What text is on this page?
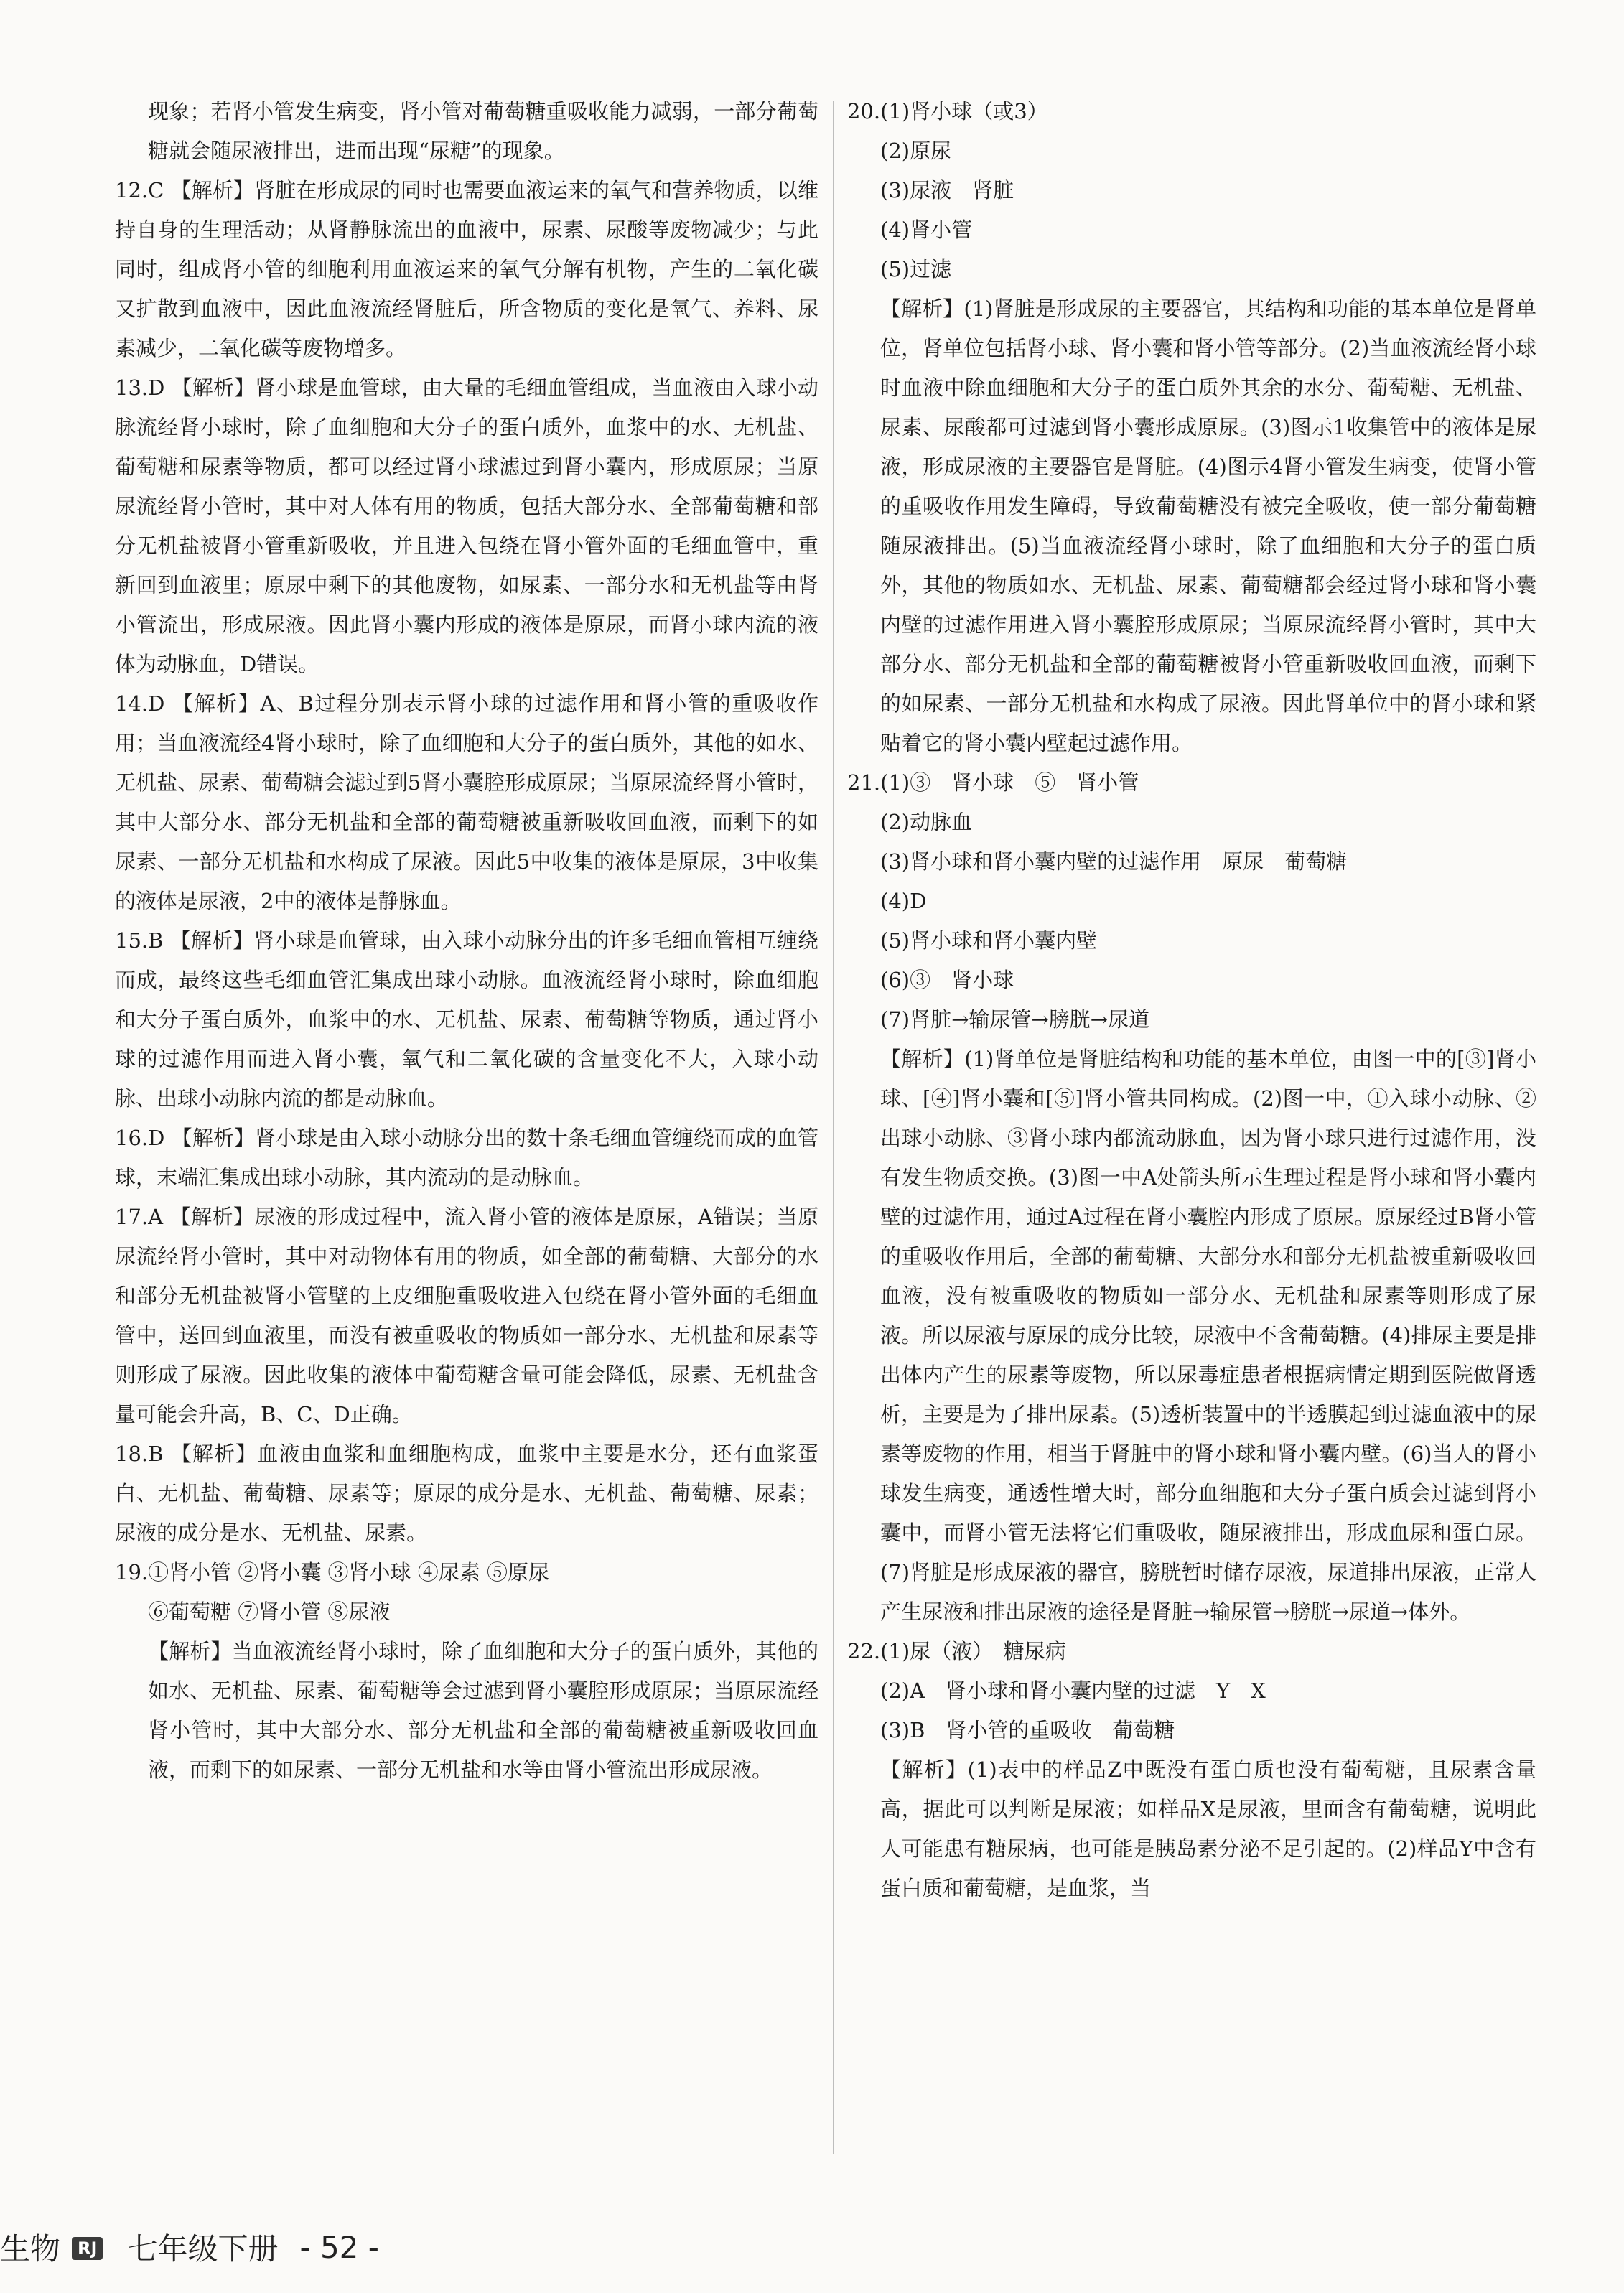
现象；若肾小管发生病变，肾小管对葡萄糖重吸收能力减弱，一部分葡萄糖就会随尿液排出，进而出现“尿糖”的现象。

12.C 【解析】肾脏在形成尿的同时也需要血液运来的氧气和营养物质，以维持自身的生理活动；从肾静脉流出的血液中，尿素、尿酸等废物减少；与此同时，组成肾小管的细胞利用血液运来的氧气分解有机物，产生的二氧化碳又扩散到血液中，因此血液流经肾脏后，所含物质的变化是氧气、养料、尿素减少，二氧化碳等废物增多。

13.D 【解析】肾小球是血管球，由大量的毛细血管组成，当血液由入球小动脉流经肾小球时，除了血细胞和大分子的蛋白质外，血浆中的水、无机盐、葡萄糖和尿素等物质，都可以经过肾小球滤过到肾小囊内，形成原尿；当原尿流经肾小管时，其中对人体有用的物质，包括大部分水、全部葡萄糖和部分无机盐被肾小管重新吸收，并且进入包绕在肾小管外面的毛细血管中，重新回到血液里；原尿中剩下的其他废物，如尿素、一部分水和无机盐等由肾小管流出，形成尿液。因此肾小囊内形成的液体是原尿，而肾小球内流的液体为动脉血，D错误。

14.D 【解析】A、B过程分别表示肾小球的过滤作用和肾小管的重吸收作用；当血液流经4肾小球时，除了血细胞和大分子的蛋白质外，其他的如水、无机盐、尿素、葡萄糖会滤过到5肾小囊腔形成原尿；当原尿流经肾小管时，其中大部分水、部分无机盐和全部的葡萄糖被重新吸收回血液，而剩下的如尿素、一部分无机盐和水构成了尿液。因此5中收集的液体是原尿，3中收集的液体是尿液，2中的液体是静脉血。

15.B 【解析】肾小球是血管球，由入球小动脉分出的许多毛细血管相互缠绕而成，最终这些毛细血管汇集成出球小动脉。血液流经肾小球时，除血细胞和大分子蛋白质外，血浆中的水、无机盐、尿素、葡萄糖等物质，通过肾小球的过滤作用而进入肾小囊，氧气和二氧化碳的含量变化不大，入球小动脉、出球小动脉内流的都是动脉血。

16.D 【解析】肾小球是由入球小动脉分出的数十条毛细血管缠绕而成的血管球，末端汇集成出球小动脉，其内流动的是动脉血。

17.A 【解析】尿液的形成过程中，流入肾小管的液体是原尿，A错误；当原尿流经肾小管时，其中对动物体有用的物质，如全部的葡萄糖、大部分的水和部分无机盐被肾小管壁的上皮细胞重吸收进入包绕在肾小管外面的毛细血管中，送回到血液里，而没有被重吸收的物质如一部分水、无机盐和尿素等则形成了尿液。因此收集的液体中葡萄糖含量可能会降低，尿素、无机盐含量可能会升高，B、C、D正确。

18.B 【解析】血液由血浆和血细胞构成，血浆中主要是水分，还有血浆蛋白、无机盐、葡萄糖、尿素等；原尿的成分是水、无机盐、葡萄糖、尿素；尿液的成分是水、无机盐、尿素。

19.①肾小管 ②肾小囊 ③肾小球 ④尿素 ⑤原尿

⑥葡萄糖 ⑦肾小管 ⑧尿液

【解析】当血液流经肾小球时，除了血细胞和大分子的蛋白质外，其他的如水、无机盐、尿素、葡萄糖等会过滤到肾小囊腔形成原尿；当原尿流经肾小管时，其中大部分水、部分无机盐和全部的葡萄糖被重新吸收回血液，而剩下的如尿素、一部分无机盐和水等由肾小管流出形成尿液。

20.(1)肾小球（或3）

(2)原尿

(3)尿液　肾脏

(4)肾小管

(5)过滤

【解析】(1)肾脏是形成尿的主要器官，其结构和功能的基本单位是肾单位，肾单位包括肾小球、肾小囊和肾小管等部分。(2)当血液流经肾小球时血液中除血细胞和大分子的蛋白质外其余的水分、葡萄糖、无机盐、尿素、尿酸都可过滤到肾小囊形成原尿。(3)图示1收集管中的液体是尿液，形成尿液的主要器官是肾脏。(4)图示4肾小管发生病变，使肾小管的重吸收作用发生障碍，导致葡萄糖没有被完全吸收，使一部分葡萄糖随尿液排出。(5)当血液流经肾小球时，除了血细胞和大分子的蛋白质外，其他的物质如水、无机盐、尿素、葡萄糖都会经过肾小球和肾小囊内壁的过滤作用进入肾小囊腔形成原尿；当原尿流经肾小管时，其中大部分水、部分无机盐和全部的葡萄糖被肾小管重新吸收回血液，而剩下的如尿素、一部分无机盐和水构成了尿液。因此肾单位中的肾小球和紧贴着它的肾小囊内壁起过滤作用。

21.(1)③　肾小球　⑤　肾小管

(2)动脉血

(3)肾小球和肾小囊内壁的过滤作用　原尿　葡萄糖

(4)D

(5)肾小球和肾小囊内壁

(6)③　肾小球

(7)肾脏→输尿管→膀胱→尿道

【解析】(1)肾单位是肾脏结构和功能的基本单位，由图一中的[③]肾小球、[④]肾小囊和[⑤]肾小管共同构成。(2)图一中，①入球小动脉、②出球小动脉、③肾小球内都流动脉血，因为肾小球只进行过滤作用，没有发生物质交换。(3)图一中A处箭头所示生理过程是肾小球和肾小囊内壁的过滤作用，通过A过程在肾小囊腔内形成了原尿。原尿经过B肾小管的重吸收作用后，全部的葡萄糖、大部分水和部分无机盐被重新吸收回血液，没有被重吸收的物质如一部分水、无机盐和尿素等则形成了尿液。所以尿液与原尿的成分比较，尿液中不含葡萄糖。(4)排尿主要是排出体内产生的尿素等废物，所以尿毒症患者根据病情定期到医院做肾透析，主要是为了排出尿素。(5)透析装置中的半透膜起到过滤血液中的尿素等废物的作用，相当于肾脏中的肾小球和肾小囊内壁。(6)当人的肾小球发生病变，通透性增大时，部分血细胞和大分子蛋白质会过滤到肾小囊中，而肾小管无法将它们重吸收，随尿液排出，形成血尿和蛋白尿。(7)肾脏是形成尿液的器官，膀胱暂时储存尿液，尿道排出尿液，正常人产生尿液和排出尿液的途径是肾脏→输尿管→膀胱→尿道→体外。

22.(1)尿（液）　糖尿病

(2)A　肾小球和肾小囊内壁的过滤　Y　X

(3)B　肾小管的重吸收　葡萄糖

【解析】(1)表中的样品Z中既没有蛋白质也没有葡萄糖，且尿素含量高，据此可以判断是尿液；如样品X是尿液，里面含有葡萄糖，说明此人可能患有糖尿病，也可能是胰岛素分泌不足引起的。(2)样品Y中含有蛋白质和葡萄糖，是血浆，当

生物	RJ 七年级下册 - 52 -
